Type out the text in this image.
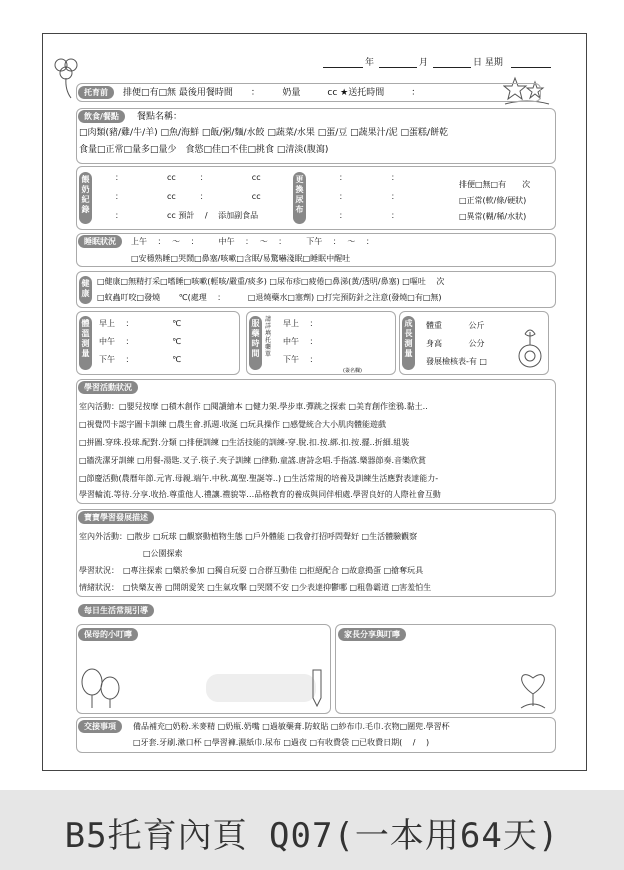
年	月	日 星期
托育前	排便□有□無 最後用餐時間　　：　　　奶量　　　cc ★送托時間　　　：
飲食/餐點	餐點名稱：
□肉類(豬/雞/牛/羊) □魚/海鮮 □飯/粥/麵/水餃 □蔬菜/水果 □蛋/豆 □蔬果汁/泥 □蛋糕/餅乾
食量□正常□量多□量少　食慾□佳□不佳□挑食 □清淡(腹瀉)
餵奶紀錄
：　　　　　　cc　　　：　　　　　　cc
：　　　　　　cc　　　：　　　　　　cc
：　　　　　　cc 預計　 /　 添加副食品
更換尿布
：　　　　　　：
：　　　　　　：
：　　　　　　：
排便□無□有　　次
□正常(軟/條/硬狀)
□異常(糊/稀/水狀)
睡眠狀況	上午　 ：　 ～　 ：　　　中午　 ：　 ～　 ：　　　下午　 ：　 ～　 ：
□安穩熟睡□哭鬧□鼻塞/咳嗽□含眠/易驚嚇淺眠□睡眠中醒吐
健康
□健康□無精打采□嗜睡□咳嗽(輕咳/嚴重/痰多) □尿布疹□疲倦□鼻涕(黃/透明/鼻塞) □嘔吐　 次
□蚊蟲叮咬□發燒　　 ℃(處理　 ：　　　 □退燒藥水□塞劑) □打完預防針之注意(發燒□有□無)
體溫測量
早上　 ：　　　　　 ℃
中午　 ：　　　　　 ℃
下午　 ：　　　　　 ℃
服藥時間
請詳填托藥單
早上　 ：
中午　 ：
下午　 ：
(簽名欄)
成長測量
體重　　　 公斤
身高　　　 公分
發展檢核表-有 □
學習活動狀況
室內活動：□嬰兒按摩 □積木創作 □閱讀繪本 □健力架.學步車.彈跳之探索 □美育創作塗鴉.黏土..
□視覺閃卡認字圖卡訓練 □農生會.抓週.收涎 □玩具操作 □感覺統合大小肌肉體能遊戲
□拼圖.穿珠.投球.配對.分類 □排便訓練 □生活技能的訓練-穿.脫.扣.按.綁.扣.按.擺..折細.組裝
□牆洗潔牙訓練 □用餐-湯匙.叉子.筷子.夾子訓練 □律動.童謠.唐詩念唱.手指謠.樂器節奏.音樂欣賞
□節慶活動(農曆年節.元宵.母親.端午.中秋.萬聖.聖誕等..) □生活常規的培養及訓練生活應對表達能力-
學習輪流.等待.分享.收拾.尊重他人.禮讓.禮貌等…品格教育的養成與同伴相處.學習良好的人際社會互動
寶寶學習發展描述
室內外活動：□散步 □玩球 □觀察動植物生態 □戶外體能 □我會打招呼問聲好 □生活體驗觀察
□公園探索
學習狀況：　□專注探索 □樂於參加 □獨自玩耍 □合群互動佳 □拒絕配合 □故意搗蛋 □搶奪玩具
情緒狀況：　□快樂友善 □開朗愛笑 □生氣攻擊 □哭鬧不安 □少表達抑鬱哪 □粗魯霸道 □害羞怕生
每日生活常規引導
保母的小叮嚀	家長分享與叮嚀
交接事項	備品補充□奶粉.米麥精 □奶瓶.奶嘴 □過敏藥膏.防蚊貼 □紗布巾.毛巾.衣物□圍兜.學習杯
□牙套.牙刷.漱口杯 □學習褲.濕紙巾.尿布 □過夜 □有收費袋 □已收費日期(　 /　 )
B5托育內頁 Q07(一本用64天)
